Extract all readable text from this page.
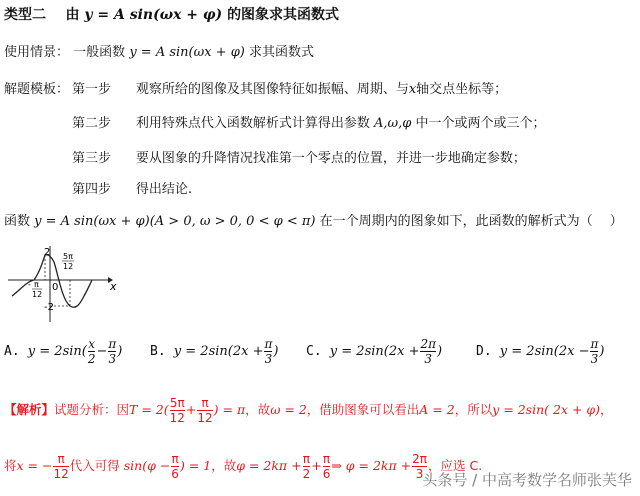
类型二 由 y = A sin(ωx + φ) 的图象求其函数式
使用情景： 一般函数 y = A sin(ωx + φ) 求其函数式
解题模板： 第一步 观察所给的图像及其图像特征如振幅、周期、与x轴交点坐标等；
第二步 利用特殊点代入函数解析式计算得出参数 A,ω,φ 中一个或两个或三个；
第三步 要从图象的升降情况找准第一个零点的位置，并进一步地确定参数；
第四步 得出结论.
函数 y = A sin(ωx + φ)(A > 0, ω > 0, 0 < φ < π) 在一个周期内的图象如下，此函数的解析式为（　 ）
2
-2
0	x
- π
12
5π
12
A. $y = 2\sin( \frac{x}{2} - \frac{\pi}{3}$ ) B. $y = 2\sin(2x + \frac{\pi}{3}$ ) C. $y = 2\sin(2x + \frac{2\pi}{3}$ )	D. $y = 2\sin(2x - \frac{\pi}{3}$ )
【解析】试题分析：因$T = 2( \frac{5\pi}{12} + \frac{\pi}{12}$ ) = π，故ω = 2，借助图象可以看出A = 2，所以y = 2sin( 2x + φ)，
将x = − $\frac{\pi}{12}$ 代入可得 $\sin(\varphi - \frac{\pi}{6}$ ) = 1，故$\varphi = 2k\pi + \frac{\pi}{2} + \frac{\pi}{6}$ ⇒ $\varphi = 2k\pi + \frac{2\pi}{3}$ ，应选 C.
头条号 / 中高考数学名师张芙华
